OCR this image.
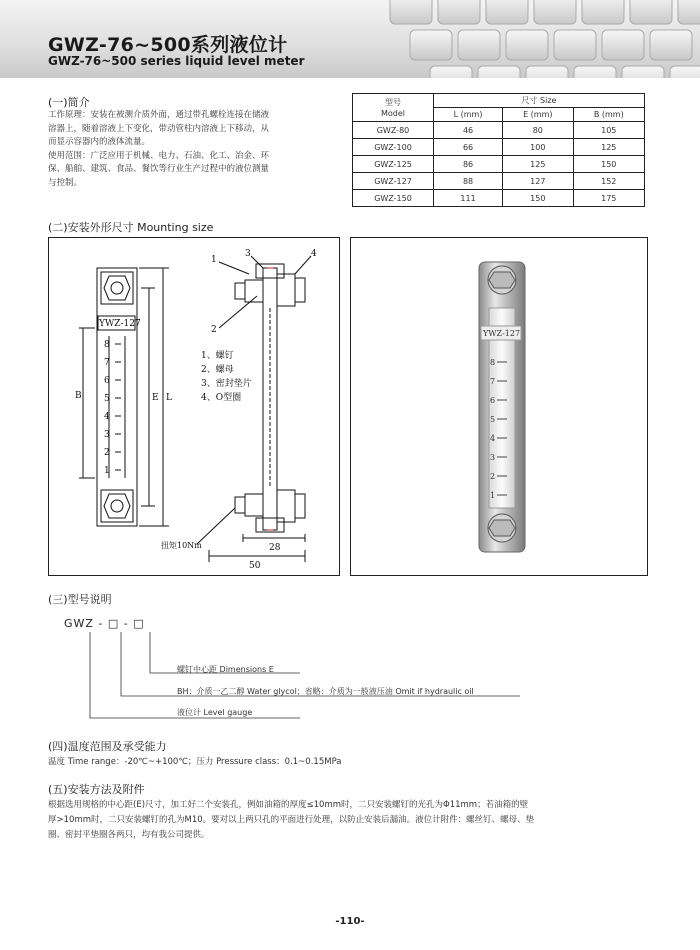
GWZ-76~500系列液位计
GWZ-76~500 series liquid level meter
(一)简介

工作原理：安装在被测介质外面，通过带孔螺栓连接在储液

溶器上，随着溶液上下变化，带动管柱内溶液上下移动，从

而显示容器内的液体流量。

使用范围：广泛应用于机械、电力、石油、化工、冶金、环

保、船舶、建筑、食品、餐饮等行业生产过程中的液位测量

与控制。

型号
Model	尺寸 Size		
	L (mm)	E (mm)	B (mm)
GWZ-80	46	80	105
GWZ-100	66	100	125
GWZ-125	86	125	150
GWZ-127	88	127	152
GWZ-150	111	150	175
(二)安装外形尺寸 Mounting size
YWZ-127
8
7
6
5
4
3
2
1
B	E L
1
2
3	4
1、螺钉
2、螺母
3、密封垫片
4、O型圈
扭矩10Nm	28
50
YWZ-127
8
7
6
5
4
3
2
1
(三)型号说明
GWZ - □ - □
螺钉中心距 Dimensions E
BH：介质一乙二醇 Water glycol；省略：介质为一般液压油 Omit if hydraulic oil
液位计 Level gauge
(四)温度范围及承受能力
温度 Time range：-20℃~+100℃；压力 Pressure class：0.1~0.15MPa
(五)安装方法及附件
根据选用规格的中心距(E)尺寸，加工好二个安装孔，例如油箱的厚度≤10mm时，二只安装螺钉的光孔为Φ11mm；若油箱的壁
厚>10mm时，二只安装螺钉的孔为M10。要对以上两只孔的平面进行处理，以防止安装后漏油。液位计附件：螺丝钉、螺母、垫
圈、密封平垫圈各两只，均有我公司提供。
-110-
